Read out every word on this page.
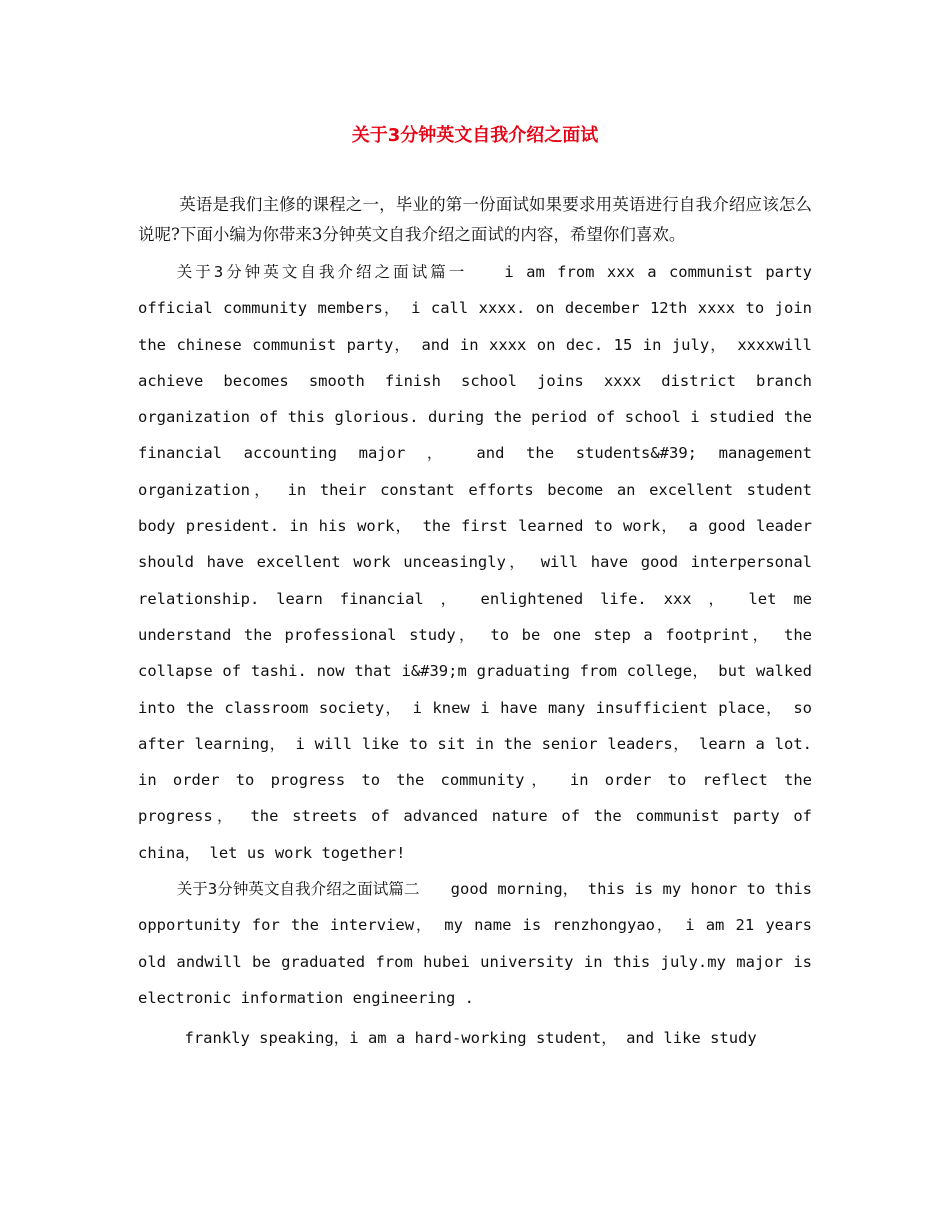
关于3分钟英文自我介绍之面试

英语是我们主修的课程之一，毕业的第一份面试如果要求用英语进行自我介绍应该怎么说呢?下面小编为你带来3分钟英文自我介绍之面试的内容，希望你们喜欢。

关于3分钟英文自我介绍之面试篇一　　i am from xxx a communist party official community members， i call xxxx. on december 12th xxxx to join the chinese communist party， and in xxxx on dec. 15 in july， xxxxwill achieve becomes smooth finish school joins xxxx district branch organization of this glorious. during the period of school i studied the financial accounting major ， and the students&#39; management organization， in their constant efforts become an excellent student body president. in his work， the first learned to work， a good leader should have excellent work unceasingly， will have good interpersonal relationship. learn financial ， enlightened life. xxx ， let me understand the professional study， to be one step a footprint， the collapse of tashi. now that i&#39;m graduating from college， but walked into the classroom society， i knew i have many insufficient place， so after learning， i will like to sit in the senior leaders， learn a lot. in order to progress to the community， in order to reflect the progress， the streets of advanced nature of the communist party of china， let us work together!

关于3分钟英文自我介绍之面试篇二　　good morning， this is my honor to this opportunity for the interview， my name is renzhongyao， i am 21 years old andwill be graduated from hubei university in this july.my major is electronic information engineering .

frankly speaking，i am a hard-working student， and like study
